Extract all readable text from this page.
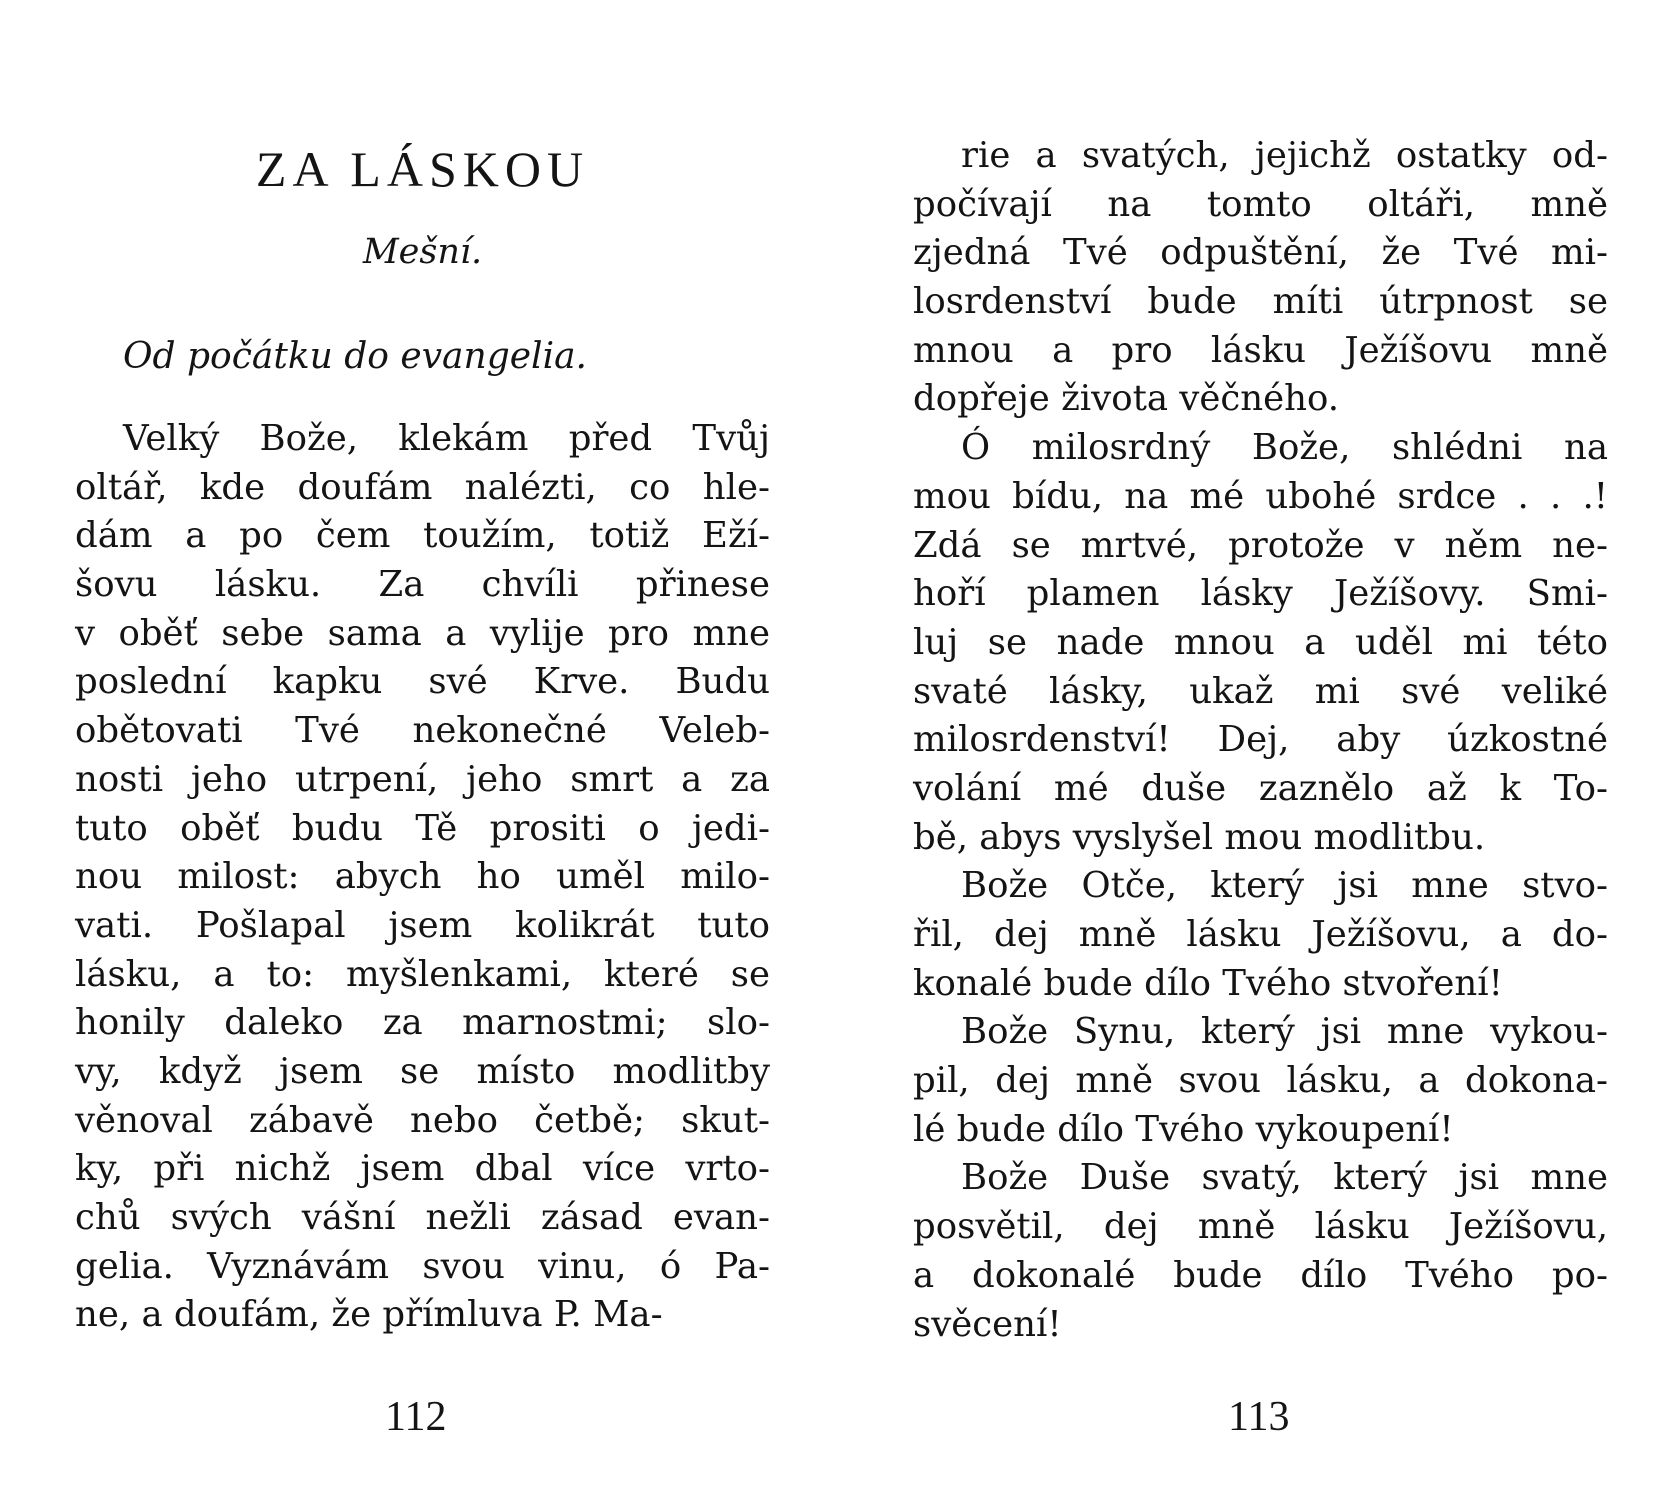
ZA LÁSKOU

Mešní.

Od počátku do evangelia.

Velký Bože, klekám před Tvůj
oltář, kde doufám nalézti, co hle-
dám a po čem toužím, totiž Eží-
šovu lásku. Za chvíli přinese
v oběť sebe sama a vylije pro mne
poslední kapku své Krve. Budu
obětovati Tvé nekonečné Veleb-
nosti jeho utrpení, jeho smrt a za
tuto oběť budu Tě prositi o jedi-
nou milost: abych ho uměl milo-
vati. Pošlapal jsem kolikrát tuto
lásku, a to: myšlenkami, které se
honily daleko za marnostmi; slo-
vy, když jsem se místo modlitby
věnoval zábavě nebo četbě; skut-
ky, při nichž jsem dbal více vrto-
chů svých vášní nežli zásad evan-
gelia. Vyznávám svou vinu, ó Pa-
ne, a doufám, že přímluva P. Ma-

112

rie a svatých, jejichž ostatky od-
počívají na tomto oltáři, mně
zjedná Tvé odpuštění, že Tvé mi-
losrdenství bude míti útrpnost se
mnou a pro lásku Ježíšovu mně
dopřeje života věčného.
Ó milosrdný Bože, shlédni na
mou bídu, na mé ubohé srdce . . .!
Zdá se mrtvé, protože v něm ne-
hoří plamen lásky Ježíšovy. Smi-
luj se nade mnou a uděl mi této
svaté lásky, ukaž mi své veliké
milosrdenství! Dej, aby úzkostné
volání mé duše zaznělo až k To-
bě, abys vyslyšel mou modlitbu.
Bože Otče, který jsi mne stvo-
řil, dej mně lásku Ježíšovu, a do-
konalé bude dílo Tvého stvoření!
Bože Synu, který jsi mne vykou-
pil, dej mně svou lásku, a dokona-
lé bude dílo Tvého vykoupení!
Bože Duše svatý, který jsi mne
posvětil, dej mně lásku Ježíšovu,
a dokonalé bude dílo Tvého po-
svěcení!

113
